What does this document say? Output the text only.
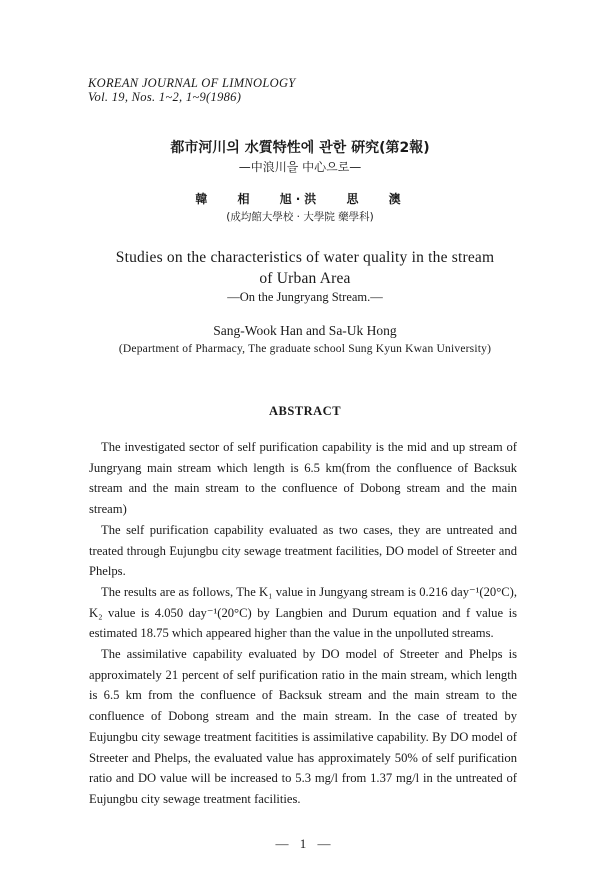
KOREAN JOURNAL OF LIMNOLOGY
Vol. 19, Nos. 1~2, 1~9(1986)
都市河川의 水質特性에 관한 硏究(第2報)
—中浪川을 中心으로—
韓 相 旭·洪 思 澳
(成均館大學校 · 大學院 藥學科)
Studies on the characteristics of water quality in the stream
of Urban Area
—On the Jungryang Stream.—
Sang-Wook Han and Sa-Uk Hong
(Department of Pharmacy, The graduate school Sung Kyun Kwan University)
ABSTRACT

The investigated sector of self purification capability is the mid and up stream of Jungryang main stream which length is 6.5 km(from the confluence of Backsuk stream and the main stream to the confluence of Dobong stream and the main stream)

The self purification capability evaluated as two cases, they are untreated and treated through Eujungbu city sewage treatment facilities, DO model of Streeter and Phelps.

The results are as follows, The K₁ value in Jungyang stream is 0.216 day⁻¹(20°C), K₂ value is 4.050 day⁻¹(20°C) by Langbien and Durum equation and f value is estimated 18.75 which appeared higher than the value in the unpolluted streams.

The assimilative capability evaluated by DO model of Streeter and Phelps is approximately 21 percent of self purification ratio in the main stream, which length is 6.5 km from the confluence of Backsuk stream and the main stream to the confluence of Dobong stream and the main stream. In the case of treated by Eujungbu city sewage treatment facitities is assimilative capability. By DO model of Streeter and Phelps, the evaluated value has approximately 50% of self purification ratio and DO value will be increased to 5.3 mg/l from 1.37 mg/l in the untreated of Eujungbu city sewage treatment facilities.

— 1 —
